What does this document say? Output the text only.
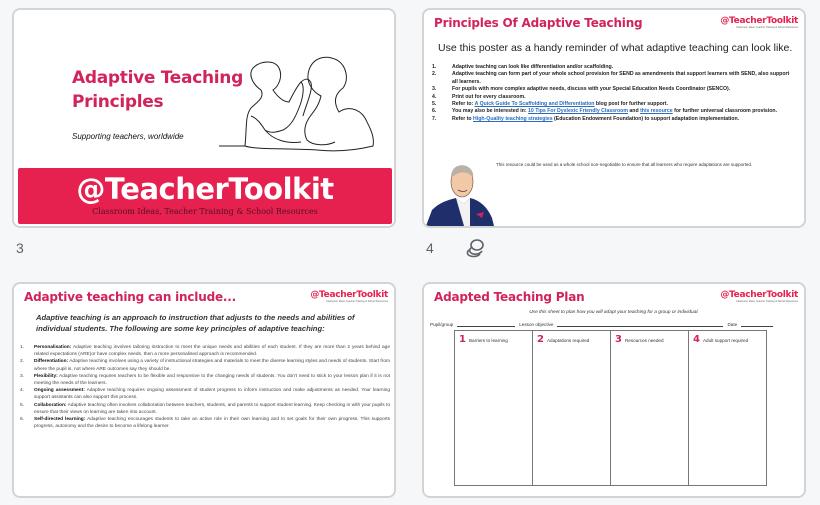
Adaptive Teaching
Principles
Supporting teachers, worldwide
@TeacherToolkit
Classroom Ideas, Teacher Training & School Resources
3
Principles Of Adaptive Teaching	@TeacherToolkit
Classroom Ideas, Teacher Training & School Resources
Use this poster as a handy reminder of what adaptive teaching can look like.
1.	Adaptive teaching can look like differentiation and/or scaffolding.
2.	Adaptive teaching can form part of your whole school provision for SEND as amendments that support learners with SEND, also support all learners.
3.	For pupils with more complex adaptive needs, discuss with your Special Education Needs Coordinator (SENCO).
4.	Print out for every classroom.
5.	Refer to: A Quick Guide To Scaffolding and Differentiation blog post for further support.
6.	You may also be interested in: 10 Tips For Dyslexic Friendly Classroom and this resource for further universal classroom provision.
7.	Refer to High-Quality teaching strategies (Education Endowment Foundation) to support adaptation implementation.
This resource could be used as a whole school non-negotiable to ensure that all learners who require adaptations are supported.
4
Adaptive teaching can include...	@TeacherToolkit
Classroom Ideas, Teacher Training & School Resources
Adaptive teaching is an approach to instruction that adjusts to the needs and abilities of individual students. The following are some key principles of adaptive teaching:
1.	Personalisation: Adaptive teaching involves tailoring instruction to meet the unique needs and abilities of each student. If they are more than 2 years behind age related expectations (ARE)or have complex needs, then a more personalised approach is recommended.
2.	Differentiation: Adaptive teaching involves using a variety of instructional strategies and materials to meet the diverse learning styles and needs of students. Start from where the pupil is, not where ARE outcomes say they should be.
3.	Flexibility: Adaptive teaching requires teachers to be flexible and responsive to the changing needs of students. You don't need to stick to your lesson plan if it is not meeting the needs of the learners.
4.	Ongoing assessment: Adaptive teaching requires ongoing assessment of student progress to inform instruction and make adjustments as needed. Your learning support assistants can also support this process.
5.	Collaboration: Adaptive teaching often involves collaboration between teachers, students, and parents to support student learning. Keep checking in with your pupils to ensure that their views on learning are taken into account.
6.	Self-directed learning: Adaptive teaching encourages students to take an active role in their own learning and to set goals for their own progress. This supports progress, autonomy and the desire to become a lifelong learner.
Adapted Teaching Plan	@TeacherToolkit
Classroom Ideas, Teacher Training & School Resources
Use this sheet to plan how you will adapt your teaching for a group or individual.
Pupil/group	Lesson objective	Date
1 Barriers to learning	2 Adaptations required	3 Resources needed	4 Adult support required
